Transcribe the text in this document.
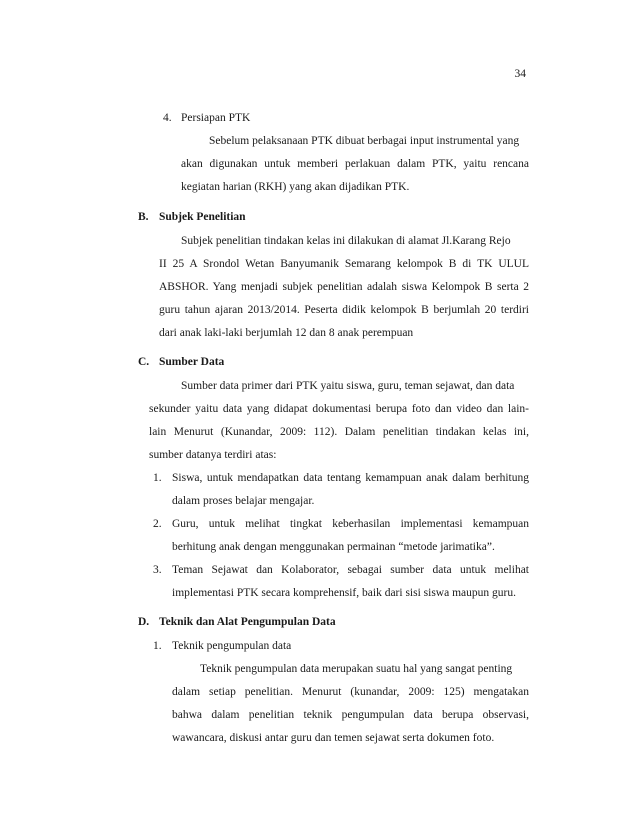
34
4. Persiapan PTK
Sebelum pelaksanaan PTK dibuat berbagai input instrumental yang
akan digunakan untuk memberi perlakuan dalam PTK, yaitu rencana
kegiatan harian (RKH) yang akan dijadikan PTK.
B. Subjek Penelitian
Subjek penelitian tindakan kelas ini dilakukan di alamat Jl.Karang Rejo
II 25 A Srondol Wetan Banyumanik Semarang kelompok B di TK ULUL
ABSHOR. Yang menjadi subjek penelitian adalah siswa Kelompok B serta 2
guru tahun ajaran 2013/2014. Peserta didik kelompok B berjumlah 20 terdiri
dari anak laki-laki berjumlah 12 dan 8 anak perempuan
C. Sumber Data
Sumber data primer dari PTK yaitu siswa, guru, teman sejawat, dan data
sekunder yaitu data yang didapat dokumentasi berupa foto dan video dan lain-
lain Menurut (Kunandar, 2009: 112). Dalam penelitian tindakan kelas ini,
sumber datanya terdiri atas:
1. Siswa, untuk mendapatkan data tentang kemampuan anak dalam berhitung
dalam proses belajar mengajar.
2. Guru, untuk melihat tingkat keberhasilan implementasi kemampuan
berhitung anak dengan menggunakan permainan “metode jarimatika”.
3. Teman Sejawat dan Kolaborator, sebagai sumber data untuk melihat
implementasi PTK secara komprehensif, baik dari sisi siswa maupun guru.
D. Teknik dan Alat Pengumpulan Data
1. Teknik pengumpulan data
Teknik pengumpulan data merupakan suatu hal yang sangat penting
dalam setiap penelitian. Menurut (kunandar, 2009: 125) mengatakan
bahwa dalam penelitian teknik pengumpulan data berupa observasi,
wawancara, diskusi antar guru dan temen sejawat serta dokumen foto.
